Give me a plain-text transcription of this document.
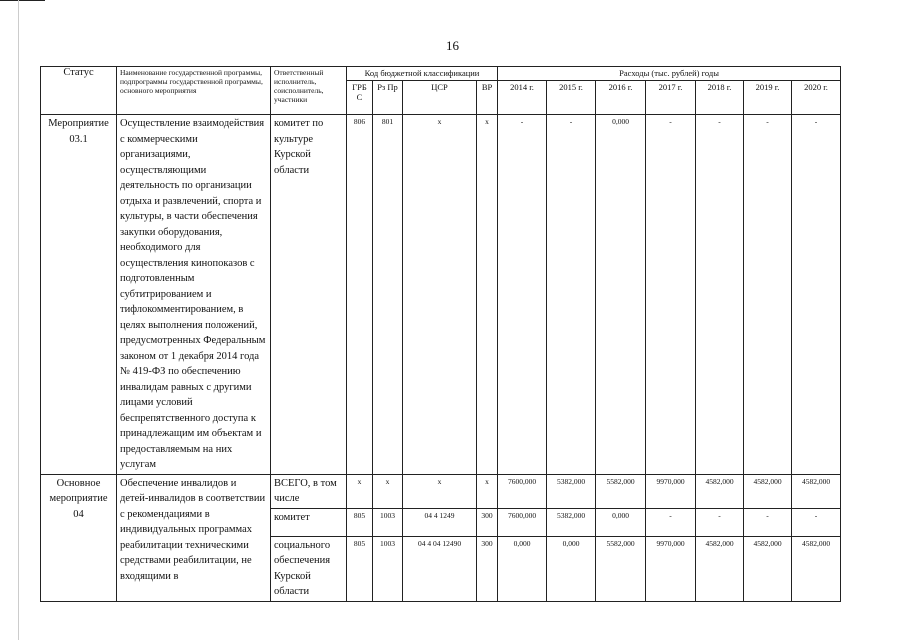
16
Статус	Наименование государственной программы, подпрограммы государственной программы, основного мероприятия	Ответственный исполнитель, соисполнитель, участники	Код бюджетной классификации				Расходы (тыс. рублей) годы						
			ГРБ С	Рз Пр	ЦСР	ВР	2014 г.	2015 г.	2016 г.	2017 г.	2018 г.	2019 г.	2020 г.
Мероприятие 03.1	Осуществление взаимодействия с коммерческими организациями, осуществляющими деятельность по организации отдыха и развлечений, спорта и культуры, в части обеспечения закупки оборудования, необходимого для осуществления кинопоказов с подготовленным субтитрированием и тифлокомментированием, в целях выполнения положений, предусмотренных Федеральным законом от 1 декабря 2014 года № 419-ФЗ по обеспечению инвалидам равных с другими лицами условий беспрепятственного доступа к принадлежащим им объектам и предоставляемым на них услугам	комитет по культуре Курской области	806	801	х	х	-	-	0,000	-	-	-	-
Основное мероприятие 04	Обеспечение инвалидов и детей-инвалидов в соответствии с рекомендациями в индивидуальных программах реабилитации техническими средствами реабилитации, не входящими в	ВСЕГО, в том числе	х	х	х	х	7600,000	5382,000	5582,000	9970,000	4582,000	4582,000	4582,000
		комитет	805	1003	04 4 1249	300	7600,000	5382,000	0,000	-	-	-	-
		социального обеспечения Курской области	805	1003	04 4 04 12490	300	0,000	0,000	5582,000	9970,000	4582,000	4582,000	4582,000
